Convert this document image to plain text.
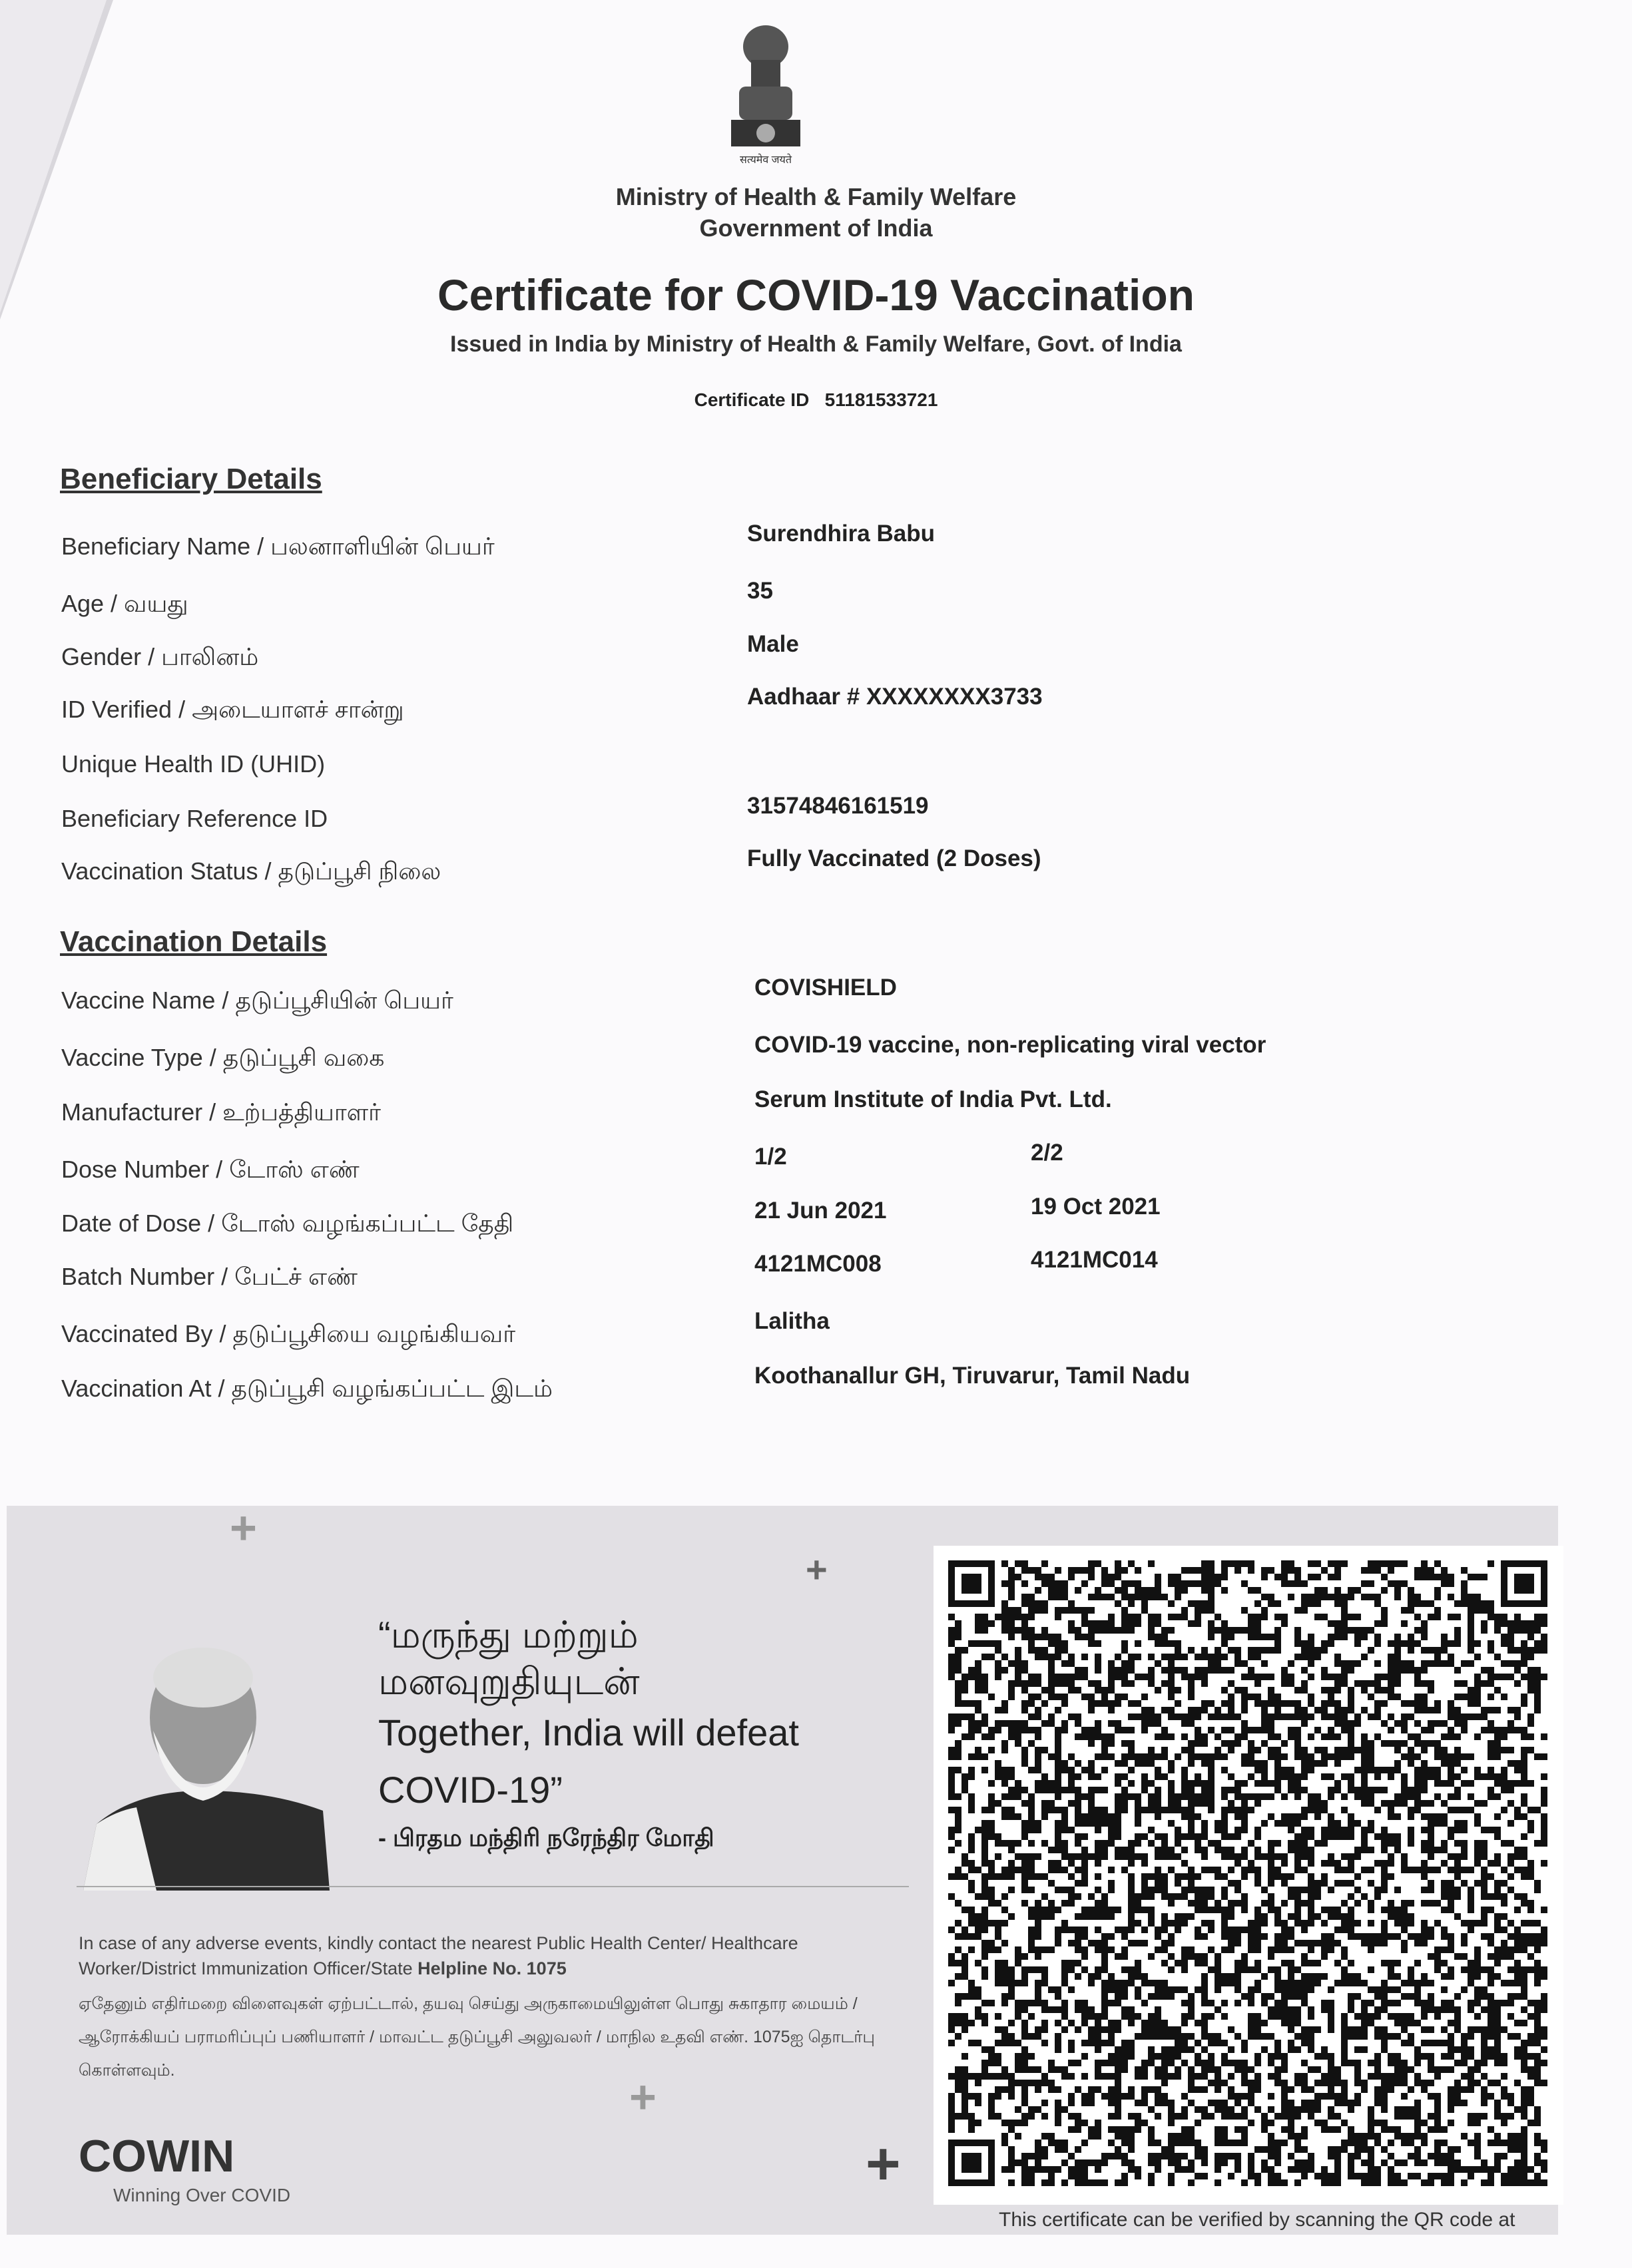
सत्यमेव जयते
Ministry of Health & Family Welfare
Government of India
Certificate for COVID-19 Vaccination
Issued in India by Ministry of Health & Family Welfare, Govt. of India
Certificate ID 51181533721
Beneficiary Details
Beneficiary Name / பலனாளியின் பெயர்	Surendhira Babu
Age / வயது	35
Gender / பாலினம்	Male
ID Verified / அடையாளச் சான்று	Aadhaar # XXXXXXXX3733
Unique Health ID (UHID)
Beneficiary Reference ID	31574846161519
Vaccination Status / தடுப்பூசி நிலை	Fully Vaccinated (2 Doses)
Vaccination Details
Vaccine Name / தடுப்பூசியின் பெயர்	COVISHIELD
Vaccine Type / தடுப்பூசி வகை	COVID-19 vaccine, non-replicating viral vector
Manufacturer / உற்பத்தியாளர்	Serum Institute of India Pvt. Ltd.
Dose Number / டோஸ் எண்	1/2	2/2
Date of Dose / டோஸ் வழங்கப்பட்ட தேதி	21 Jun 2021	19 Oct 2021
Batch Number / பேட்ச் எண்	4121MC008	4121MC014
Vaccinated By / தடுப்பூசியை வழங்கியவர்	Lalitha
Vaccination At / தடுப்பூசி வழங்கப்பட்ட இடம்	Koothanallur GH, Tiruvarur, Tamil Nadu
+
+
+
+
“மருந்து மற்றும்
மனவுறுதியுடன்
Together, India will defeat COVID-19”
- பிரதம மந்திரி நரேந்திர மோதி
In case of any adverse events, kindly contact the nearest Public Health Center/ Healthcare Worker/District Immunization Officer/State Helpline No. 1075
ஏதேனும் எதிர்மறை விளைவுகள் ஏற்பட்டால், தயவு செய்து அருகாமையிலுள்ள பொது சுகாதார மையம் / ஆரோக்கியப் பராமரிப்புப் பணியாளர் / மாவட்ட தடுப்பூசி அலுவலர் / மாநில உதவி எண். 1075ஐ தொடர்பு கொள்ளவும்.
COWIN
Winning Over COVID
This certificate can be verified by scanning the QR code at
